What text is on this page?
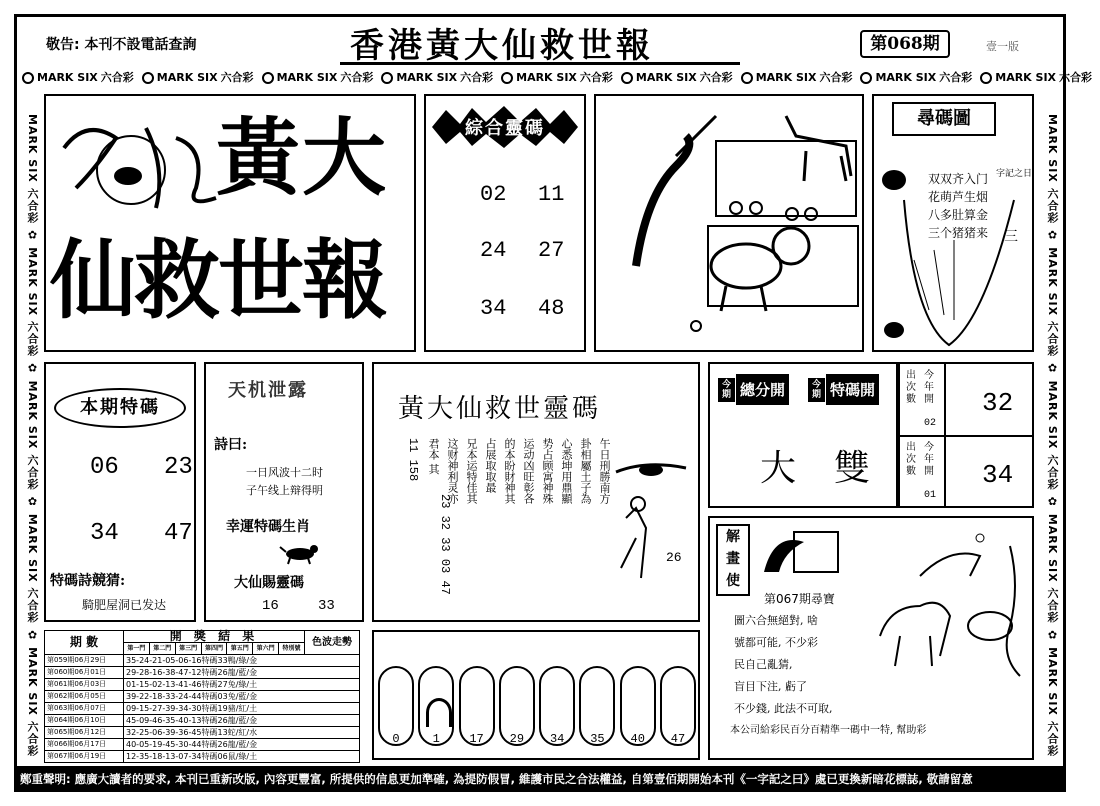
敬告: 本刊不設電話查詢	香港黃大仙救世報	第068期	壹一版
MARK SIX 六合彩 MARK SIX 六合彩 MARK SIX 六合彩 MARK SIX 六合彩 MARK SIX 六合彩 MARK SIX 六合彩 MARK SIX 六合彩 MARK SIX 六合彩 MARK SIX 六合彩
MARK SIX 六合彩 ✿ MARK SIX 六合彩 ✿ MARK SIX 六合彩 ✿ MARK SIX 六合彩 ✿ MARK SIX 六合彩
MARK SIX 六合彩 ✿ MARK SIX 六合彩 ✿ MARK SIX 六合彩 ✿ MARK SIX 六合彩 ✿ MARK SIX 六合彩
黃大
仙救世報
綜合靈碼
02 11
24 27
34 48
尋碼圖
双双齐入门
花萌芦生烟
八多肚算金
三个猪猪来
字記之日
三
本期特碼
06 23
34 47
特碼詩競猜:
騎肥屋洞已发达
天机泄露
詩曰:
一日风波十二时
子午线上辩得明
幸運特碼生肖
大仙賜靈碼
16	33
黃大仙救世靈碼
午日刑勝南方
卦相屬土子為
心悉坤用鼎顯
势占顾寓神殊
运动凶旺彰各
的本盼財神其
占展取取最
兄本运特佳其
这财神利灵亦
君本 其
11 158
23 32 33 03 47
26
今
期 總分開	今
期 特碼開
大 雙
出次數
今年開
02
32
出次數
今年開
01
34
期 數	開 獎 結 果							色波走勢
	第一門	第二門	第三門	第四門	第五門	第六門	特別號	
第059期06月29日	35-24-21-05-06-16特碼33鴨/綠/金							
第060期06月01日	29-28-16-38-47-12特碼26龍/藍/金							
第061期06月03日	01-15-02-13-41-46特碼27兔/綠/土							
第062期06月05日	39-22-18-33-24-44特碼03兔/藍/金							
第063期06月07日	09-15-27-39-34-30特碼19豬/紅/土							
第064期06月10日	45-09-46-35-40-13特碼26龍/藍/金							
第065期06月12日	32-25-06-39-36-45特碼13蛇/紅/水							
第066期06月17日	40-05-19-45-30-44特碼26龍/藍/金							
第067期06月19日	12-35-18-13-07-34特碼06鼠/綠/土							
0	1	17	29	34	35	40	47
解
畫
使
第067期尋寶
圖六合無絕對, 啥
號都可能, 不少彩
民自己亂猜,
盲目下注, 虧了
不少錢, 此法不可取,
本公司給彩民百分百精準一碼中一特, 幫助彩
鄭重聲明: 應廣大讀者的要求, 本刊已重新改版, 內容更豐富, 所提供的信息更加準確, 為提防假冒, 維護市民之合法權益, 自第壹佰期開始本刊《一字記之曰》處已更換新暗花標誌, 敬請留意
